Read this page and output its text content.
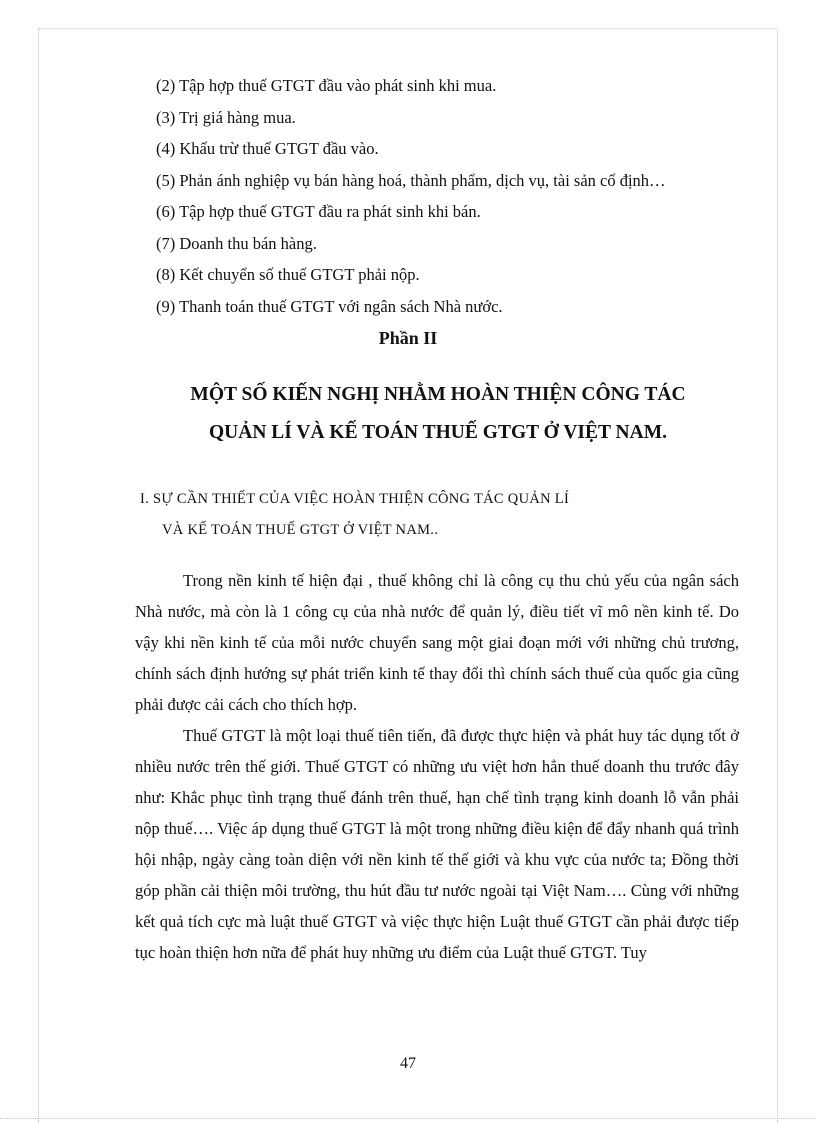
(2) Tập hợp thuế GTGT đầu vào phát sinh khi mua.
(3) Trị giá hàng mua.
(4) Khấu trừ thuế GTGT đầu vào.
(5) Phản ánh nghiệp vụ bán hàng hoá, thành phẩm, dịch vụ, tài sản cố định…
(6) Tập hợp thuế GTGT đầu ra phát sinh khi bán.
(7) Doanh thu bán hàng.
(8) Kết chuyển số thuế GTGT phải nộp.
(9) Thanh toán thuế GTGT với ngân sách Nhà nước.
Phần II
MỘT SỐ KIẾN NGHỊ NHẰM HOÀN THIỆN CÔNG TÁC
QUẢN LÍ VÀ KẾ TOÁN THUẾ GTGT Ở VIỆT NAM.
I. SỰ CẦN THIẾT CỦA VIỆC HOÀN THIỆN CÔNG TÁC QUẢN LÍ
VÀ KẾ TOÁN THUẾ GTGT Ở VIỆT NAM..

Trong nền kinh tế hiện đại , thuế không chỉ là công cụ thu chủ yếu của ngân sách Nhà nước, mà còn là 1 công cụ của nhà nước để quản lý, điều tiết vĩ mô nền kinh tế. Do vậy khi nền kinh tế của mỗi nước chuyển sang một giai đoạn mới với những chủ trương, chính sách định hướng sự phát triển kinh tế thay đổi thì chính sách thuế của quốc gia cũng phải được cải cách cho thích hợp.

Thuế GTGT là một loại thuế tiên tiến, đã được thực hiện và phát huy tác dụng tốt ở nhiều nước trên thế giới. Thuế GTGT có những ưu việt hơn hẳn thuế doanh thu trước đây như: Khắc phục tình trạng thuế đánh trên thuế, hạn chế tình trạng kinh doanh lỗ vẫn phải nộp thuế…. Việc áp dụng thuế GTGT là một trong những điều kiện để đẩy nhanh quá trình hội nhập, ngày càng toàn diện với nền kinh tế thế giới và khu vực của nước ta; Đồng thời góp phần cải thiện môi trường, thu hút đầu tư nước ngoài tại Việt Nam…. Cùng với những kết quả tích cực mà luật thuế GTGT và việc thực hiện Luật thuế GTGT cần phải được tiếp tục hoàn thiện hơn nữa để phát huy những ưu điểm của Luật thuế GTGT. Tuy

47
